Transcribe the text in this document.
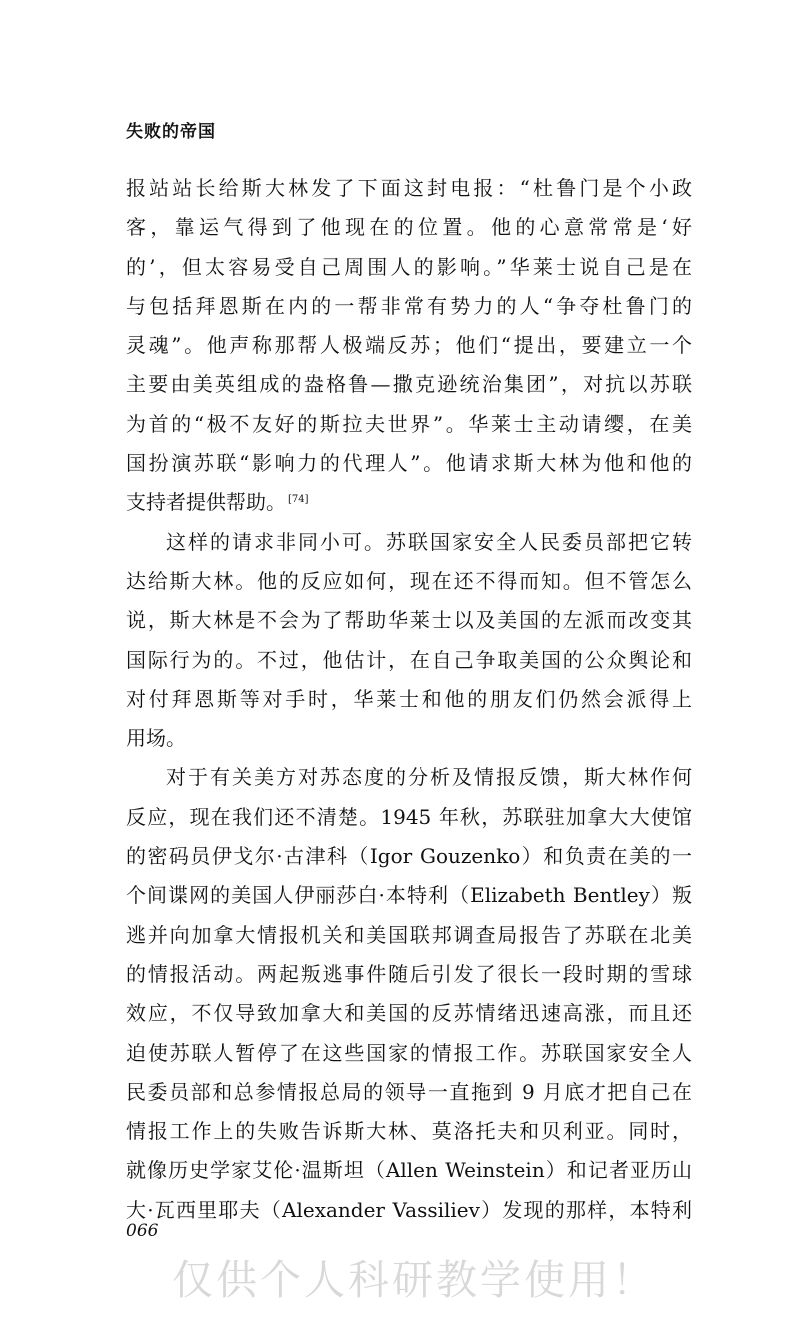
失败的帝国
报站站长给斯大林发了下面这封电报：“杜鲁门是个小政
客，靠运气得到了他现在的位置。他的心意常常是‘好
的’，但太容易受自己周围人的影响。”华莱士说自己是在
与包括拜恩斯在内的一帮非常有势力的人“争夺杜鲁门的
灵魂”。他声称那帮人极端反苏；他们“提出，要建立一个
主要由美英组成的盎格鲁—撒克逊统治集团”，对抗以苏联
为首的“极不友好的斯拉夫世界”。华莱士主动请缨，在美
国扮演苏联“影响力的代理人”。他请求斯大林为他和他的
支持者提供帮助。 [74]
这样的请求非同小可。苏联国家安全人民委员部把它转
达给斯大林。他的反应如何，现在还不得而知。但不管怎么
说，斯大林是不会为了帮助华莱士以及美国的左派而改变其
国际行为的。不过，他估计，在自己争取美国的公众舆论和
对付拜恩斯等对手时，华莱士和他的朋友们仍然会派得上
用场。
对于有关美方对苏态度的分析及情报反馈，斯大林作何
反应，现在我们还不清楚。1945 年秋，苏联驻加拿大大使馆
的密码员伊戈尔·古津科（Igor Gouzenko）和负责在美的一
个间谍网的美国人伊丽莎白·本特利（Elizabeth Bentley）叛
逃并向加拿大情报机关和美国联邦调查局报告了苏联在北美
的情报活动。两起叛逃事件随后引发了很长一段时期的雪球
效应，不仅导致加拿大和美国的反苏情绪迅速高涨，而且还
迫使苏联人暂停了在这些国家的情报工作。苏联国家安全人
民委员部和总参情报总局的领导一直拖到 9 月底才把自己在
情报工作上的失败告诉斯大林、莫洛托夫和贝利亚。同时，
就像历史学家艾伦·温斯坦（Allen Weinstein）和记者亚历山
大·瓦西里耶夫（Alexander Vassiliev）发现的那样，本特利
066
仅供个人科研教学使用！
